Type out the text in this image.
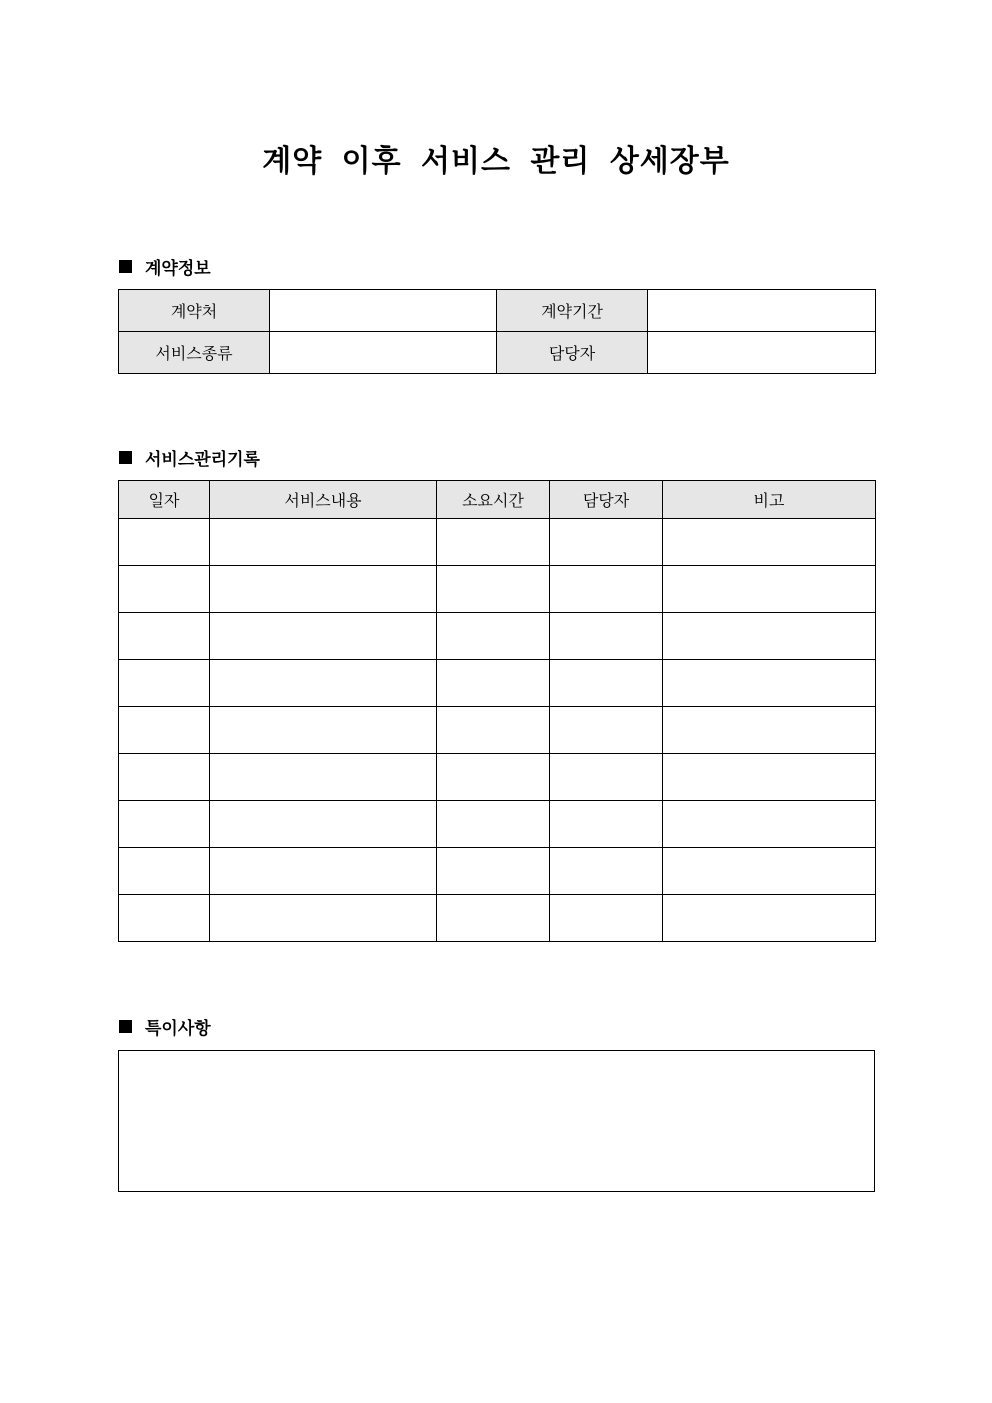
계약 이후 서비스 관리 상세장부
계약정보
계약처		계약기간	
서비스종류		담당자	
서비스관리기록
일자	서비스내용	소요시간	담당자	비고

특이사항
